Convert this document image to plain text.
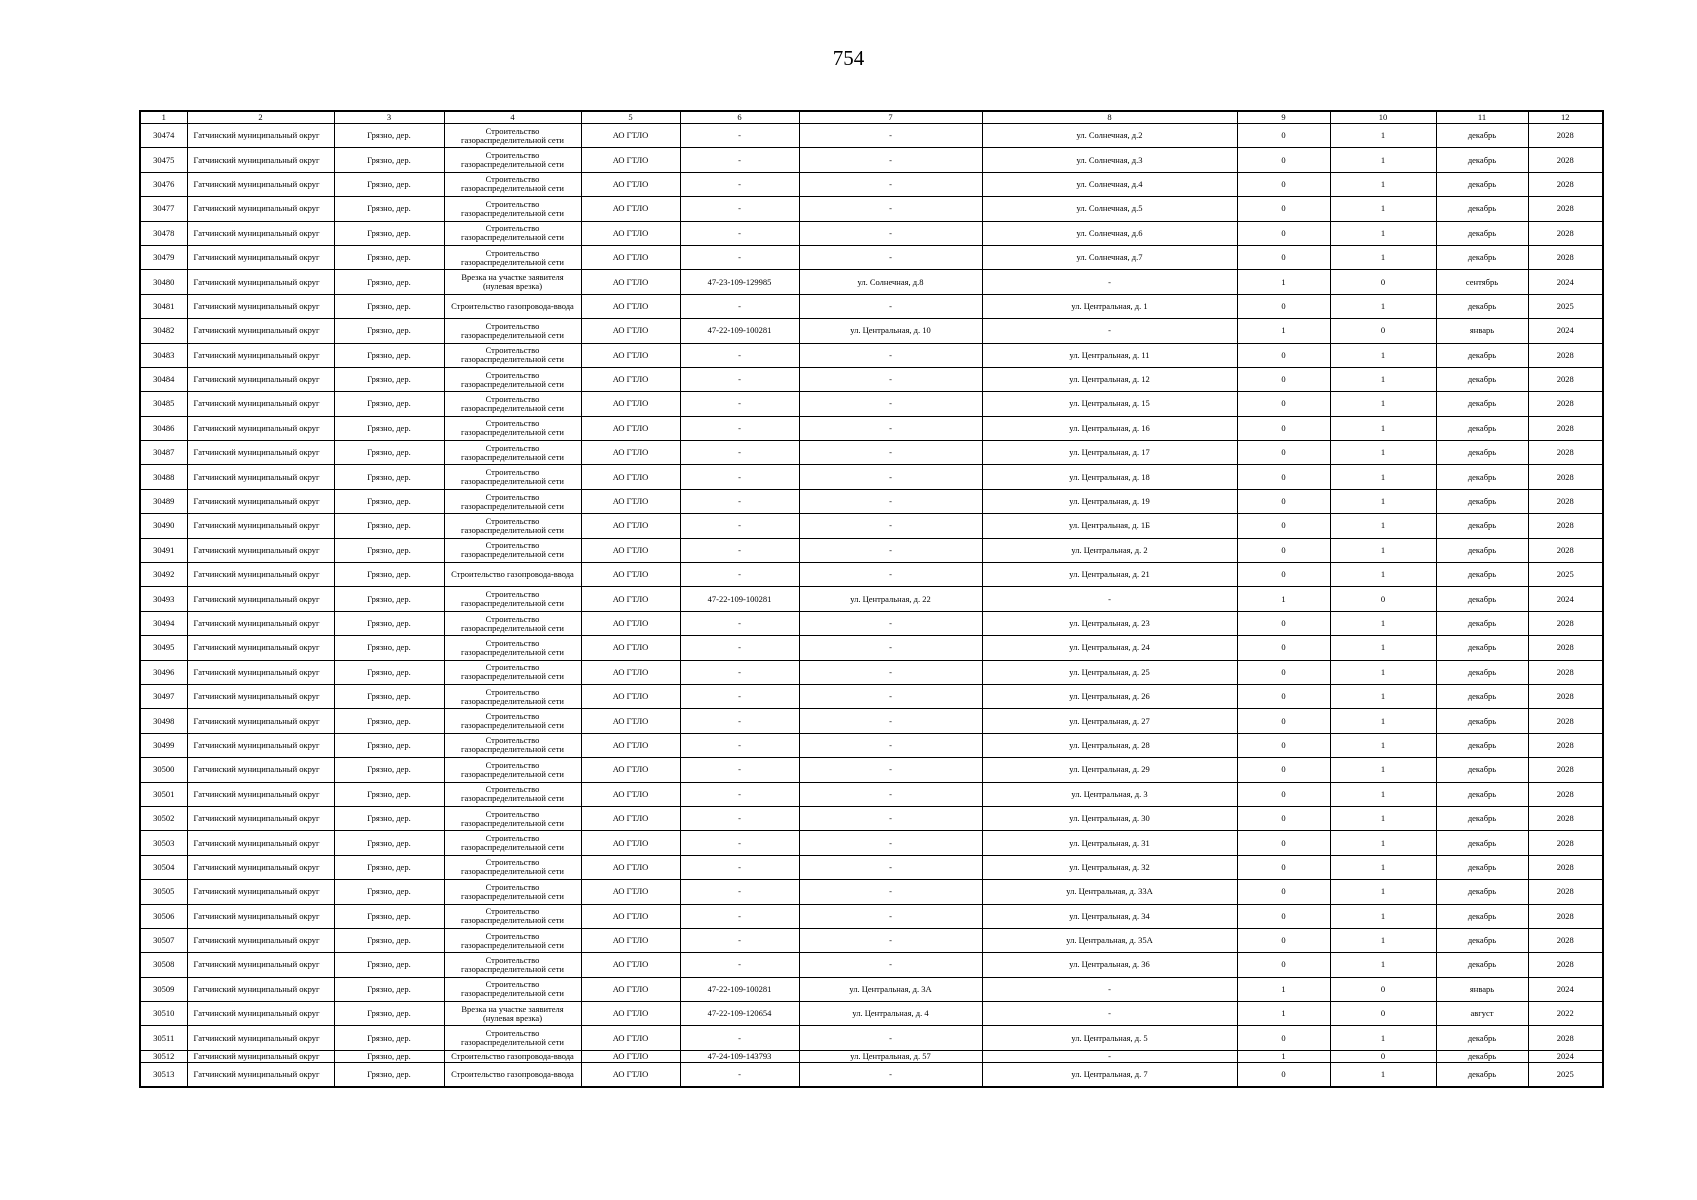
754
1	2	3	4	5	6	7	8	9	10	11	12
30474	Гатчинский муниципальный округ	Грязно, дер.	Строительство газораспределительной сети	АО ГТЛО	-	-	ул. Солнечная, д.2	0	1	декабрь	2028
30475	Гатчинский муниципальный округ	Грязно, дер.	Строительство газораспределительной сети	АО ГТЛО	-	-	ул. Солнечная, д.3	0	1	декабрь	2028
30476	Гатчинский муниципальный округ	Грязно, дер.	Строительство газораспределительной сети	АО ГТЛО	-	-	ул. Солнечная, д.4	0	1	декабрь	2028
30477	Гатчинский муниципальный округ	Грязно, дер.	Строительство газораспределительной сети	АО ГТЛО	-	-	ул. Солнечная, д.5	0	1	декабрь	2028
30478	Гатчинский муниципальный округ	Грязно, дер.	Строительство газораспределительной сети	АО ГТЛО	-	-	ул. Солнечная, д.6	0	1	декабрь	2028
30479	Гатчинский муниципальный округ	Грязно, дер.	Строительство газораспределительной сети	АО ГТЛО	-	-	ул. Солнечная, д.7	0	1	декабрь	2028
30480	Гатчинский муниципальный округ	Грязно, дер.	Врезка на участке заявителя (нулевая врезка)	АО ГТЛО	47-23-109-129985	ул. Солнечная, д.8	-	1	0	сентябрь	2024
30481	Гатчинский муниципальный округ	Грязно, дер.	Строительство газопровода-ввода	АО ГТЛО	-	-	ул. Центральная, д. 1	0	1	декабрь	2025
30482	Гатчинский муниципальный округ	Грязно, дер.	Строительство газораспределительной сети	АО ГТЛО	47-22-109-100281	ул. Центральная, д. 10	-	1	0	январь	2024
30483	Гатчинский муниципальный округ	Грязно, дер.	Строительство газораспределительной сети	АО ГТЛО	-	-	ул. Центральная, д. 11	0	1	декабрь	2028
30484	Гатчинский муниципальный округ	Грязно, дер.	Строительство газораспределительной сети	АО ГТЛО	-	-	ул. Центральная, д. 12	0	1	декабрь	2028
30485	Гатчинский муниципальный округ	Грязно, дер.	Строительство газораспределительной сети	АО ГТЛО	-	-	ул. Центральная, д. 15	0	1	декабрь	2028
30486	Гатчинский муниципальный округ	Грязно, дер.	Строительство газораспределительной сети	АО ГТЛО	-	-	ул. Центральная, д. 16	0	1	декабрь	2028
30487	Гатчинский муниципальный округ	Грязно, дер.	Строительство газораспределительной сети	АО ГТЛО	-	-	ул. Центральная, д. 17	0	1	декабрь	2028
30488	Гатчинский муниципальный округ	Грязно, дер.	Строительство газораспределительной сети	АО ГТЛО	-	-	ул. Центральная, д. 18	0	1	декабрь	2028
30489	Гатчинский муниципальный округ	Грязно, дер.	Строительство газораспределительной сети	АО ГТЛО	-	-	ул. Центральная, д. 19	0	1	декабрь	2028
30490	Гатчинский муниципальный округ	Грязно, дер.	Строительство газораспределительной сети	АО ГТЛО	-	-	ул. Центральная, д. 1Б	0	1	декабрь	2028
30491	Гатчинский муниципальный округ	Грязно, дер.	Строительство газораспределительной сети	АО ГТЛО	-	-	ул. Центральная, д. 2	0	1	декабрь	2028
30492	Гатчинский муниципальный округ	Грязно, дер.	Строительство газопровода-ввода	АО ГТЛО	-	-	ул. Центральная, д. 21	0	1	декабрь	2025
30493	Гатчинский муниципальный округ	Грязно, дер.	Строительство газораспределительной сети	АО ГТЛО	47-22-109-100281	ул. Центральная, д. 22	-	1	0	декабрь	2024
30494	Гатчинский муниципальный округ	Грязно, дер.	Строительство газораспределительной сети	АО ГТЛО	-	-	ул. Центральная, д. 23	0	1	декабрь	2028
30495	Гатчинский муниципальный округ	Грязно, дер.	Строительство газораспределительной сети	АО ГТЛО	-	-	ул. Центральная, д. 24	0	1	декабрь	2028
30496	Гатчинский муниципальный округ	Грязно, дер.	Строительство газораспределительной сети	АО ГТЛО	-	-	ул. Центральная, д. 25	0	1	декабрь	2028
30497	Гатчинский муниципальный округ	Грязно, дер.	Строительство газораспределительной сети	АО ГТЛО	-	-	ул. Центральная, д. 26	0	1	декабрь	2028
30498	Гатчинский муниципальный округ	Грязно, дер.	Строительство газораспределительной сети	АО ГТЛО	-	-	ул. Центральная, д. 27	0	1	декабрь	2028
30499	Гатчинский муниципальный округ	Грязно, дер.	Строительство газораспределительной сети	АО ГТЛО	-	-	ул. Центральная, д. 28	0	1	декабрь	2028
30500	Гатчинский муниципальный округ	Грязно, дер.	Строительство газораспределительной сети	АО ГТЛО	-	-	ул. Центральная, д. 29	0	1	декабрь	2028
30501	Гатчинский муниципальный округ	Грязно, дер.	Строительство газораспределительной сети	АО ГТЛО	-	-	ул. Центральная, д. 3	0	1	декабрь	2028
30502	Гатчинский муниципальный округ	Грязно, дер.	Строительство газораспределительной сети	АО ГТЛО	-	-	ул. Центральная, д. 30	0	1	декабрь	2028
30503	Гатчинский муниципальный округ	Грязно, дер.	Строительство газораспределительной сети	АО ГТЛО	-	-	ул. Центральная, д. 31	0	1	декабрь	2028
30504	Гатчинский муниципальный округ	Грязно, дер.	Строительство газораспределительной сети	АО ГТЛО	-	-	ул. Центральная, д. 32	0	1	декабрь	2028
30505	Гатчинский муниципальный округ	Грязно, дер.	Строительство газораспределительной сети	АО ГТЛО	-	-	ул. Центральная, д. 33А	0	1	декабрь	2028
30506	Гатчинский муниципальный округ	Грязно, дер.	Строительство газораспределительной сети	АО ГТЛО	-	-	ул. Центральная, д. 34	0	1	декабрь	2028
30507	Гатчинский муниципальный округ	Грязно, дер.	Строительство газораспределительной сети	АО ГТЛО	-	-	ул. Центральная, д. 35А	0	1	декабрь	2028
30508	Гатчинский муниципальный округ	Грязно, дер.	Строительство газораспределительной сети	АО ГТЛО	-	-	ул. Центральная, д. 36	0	1	декабрь	2028
30509	Гатчинский муниципальный округ	Грязно, дер.	Строительство газораспределительной сети	АО ГТЛО	47-22-109-100281	ул. Центральная, д. 3А	-	1	0	январь	2024
30510	Гатчинский муниципальный округ	Грязно, дер.	Врезка на участке заявителя (нулевая врезка)	АО ГТЛО	47-22-109-120654	ул. Центральная, д. 4	-	1	0	август	2022
30511	Гатчинский муниципальный округ	Грязно, дер.	Строительство газораспределительной сети	АО ГТЛО	-	-	ул. Центральная, д. 5	0	1	декабрь	2028
30512	Гатчинский муниципальный округ	Грязно, дер.	Строительство газопровода-ввода	АО ГТЛО	47-24-109-143793	ул. Центральная, д. 57	-	1	0	декабрь	2024
30513	Гатчинский муниципальный округ	Грязно, дер.	Строительство газопровода-ввода	АО ГТЛО	-	-	ул. Центральная, д. 7	0	1	декабрь	2025
